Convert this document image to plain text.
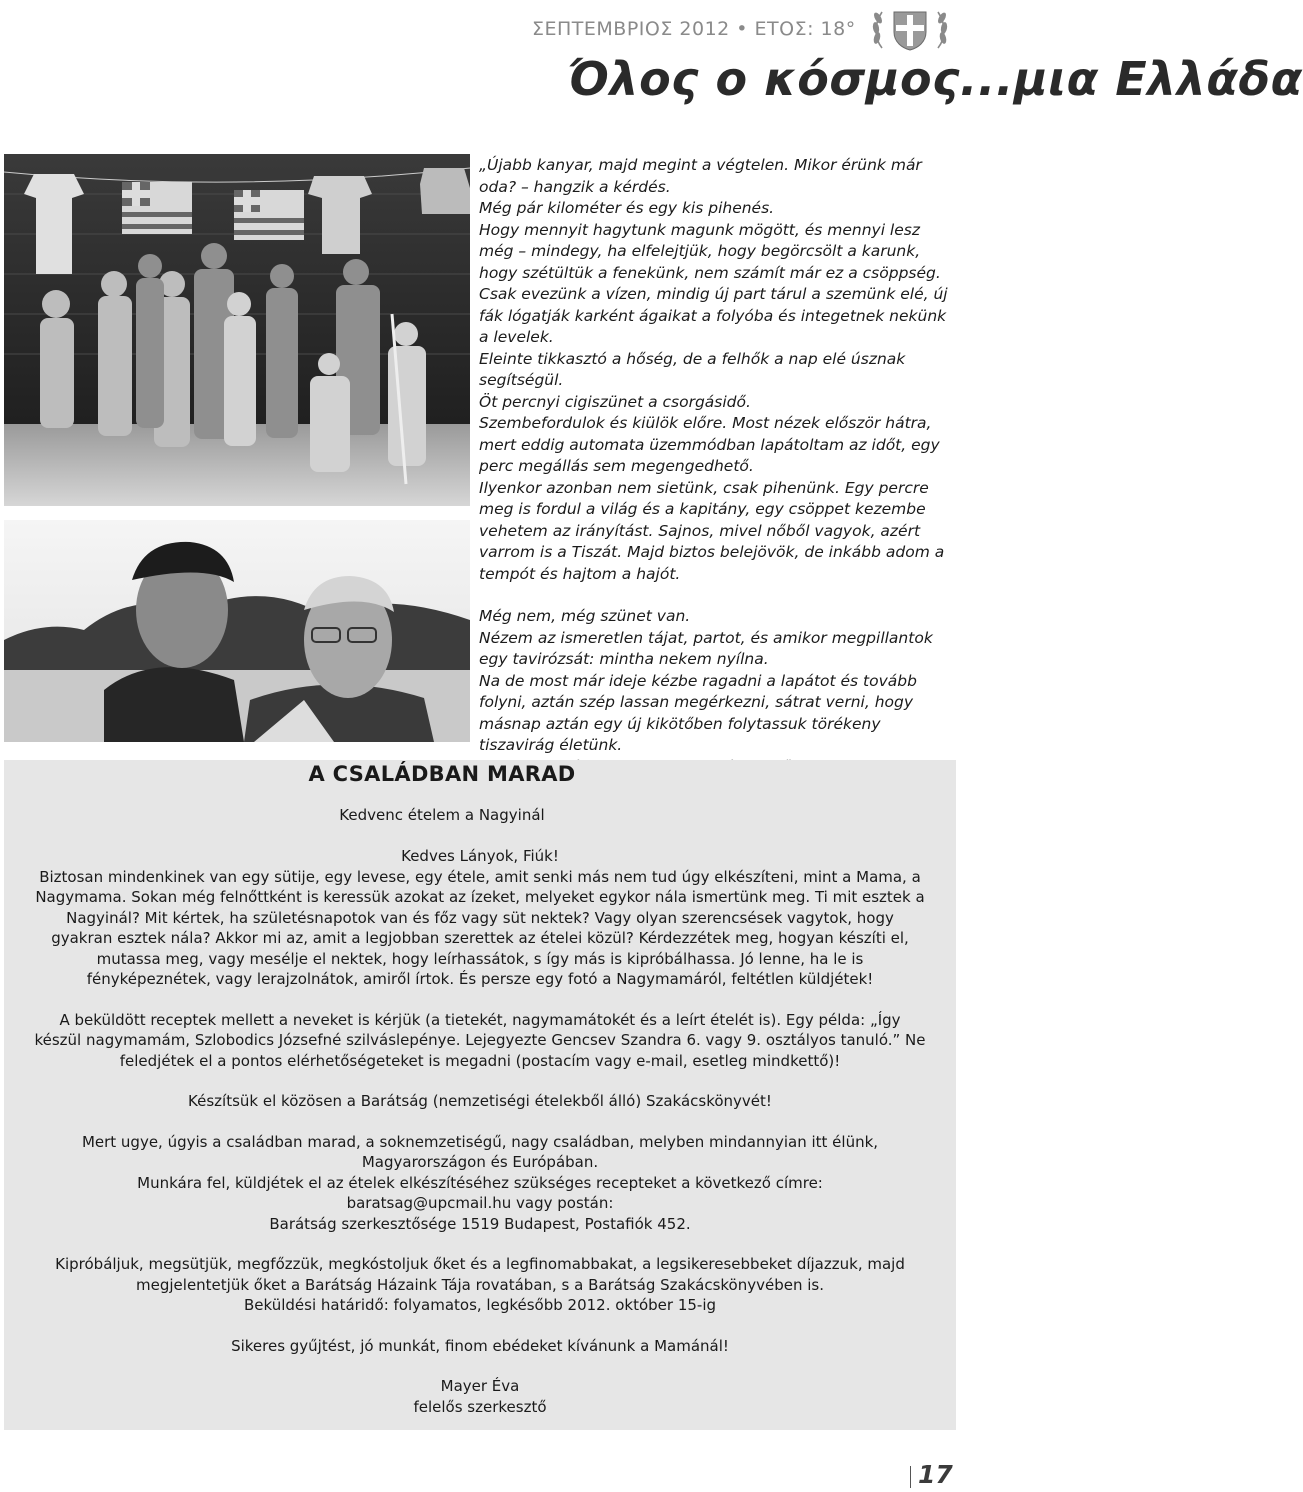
ΣΕΠΤΕΜΒΡΙΟΣ 2012 • ΕΤΟΣ: 18°
Όλος ο κόσμος...μια Ελλάδα

„Újabb kanyar, majd megint a végtelen. Mikor érünk már oda? – hangzik a kérdés.

Még pár kilométer és egy kis pihenés.

Hogy mennyit hagytunk magunk mögött, és mennyi lesz még – mindegy, ha elfelejtjük, hogy begörcsölt a karunk, hogy szétültük a fenekünk, nem számít már ez a csöppség.

Csak evezünk a vízen, mindig új part tárul a szemünk elé, új fák lógatják karként ágaikat a folyóba és integetnek nekünk a levelek.

Eleinte tikkasztó a hőség, de a felhők a nap elé úsznak segítségül.

Öt percnyi cigiszünet a csorgásidő.

Szembefordulok és kiülök előre. Most nézek először hátra, mert eddig automata üzemmódban lapátoltam az időt, egy perc megállás sem megengedhető.

Ilyenkor azonban nem sietünk, csak pihenünk. Egy percre meg is fordul a világ és a kapitány, egy csöppet kezembe vehetem az irányítást. Sajnos, mivel nőből vagyok, azért varrom is a Tiszát. Majd biztos belejövök, de inkább adom a tempót és hajtom a hajót.

Még nem, még szünet van.

Nézem az ismeretlen tájat, partot, és amikor megpillantok egy tavirózsát: mintha nekem nyílna.

Na de most már ideje kézbe ragadni a lapátot és tovább folyni, aztán szép lassan megérkezni, sátrat verni, hogy másnap aztán egy új kikötőben folytassuk törékeny tiszavirág életünk.

A CSALÁDBAN MARAD
Kedvenc ételem a Nagyinál

Kedves Lányok, Fiúk!

Biztosan mindenkinek van egy sütije, egy levese, egy étele, amit senki más nem tud úgy elkészíteni, mint a Mama, a Nagymama. Sokan még felnőttként is keressük azokat az ízeket, melyeket egykor nála ismertünk meg. Ti mit esztek a Nagyinál? Mit kértek, ha születésnapotok van és főz vagy süt nektek? Vagy olyan szerencsések vagytok, hogy gyakran esztek nála? Akkor mi az, amit a legjobban szerettek az ételei közül? Kérdezzétek meg, hogyan készíti el, mutassa meg, vagy mesélje el nektek, hogy leírhassátok, s így más is kipróbálhassa. Jó lenne, ha le is fényképeznétek, vagy lerajzolnátok, amiről írtok. És persze egy fotó a Nagymamáról, feltétlen küldjétek!

A beküldött receptek mellett a neveket is kérjük (a tietekét, nagymamátokét és a leírt ételét is). Egy példa: „Így készül nagymamám, Szlobodics Józsefné szilváslepénye. Lejegyezte Gencsev Szandra 6. vagy 9. osztályos tanuló.” Ne feledjétek el a pontos elérhetőségeteket is megadni (postacím vagy e-mail, esetleg mindkettő)!

Készítsük el közösen a Barátság (nemzetiségi ételekből álló) Szakácskönyvét!

Mert ugye, úgyis a családban marad, a soknemzetiségű, nagy családban, melyben mindannyian itt élünk, Magyarországon és Európában.

Munkára fel, küldjétek el az ételek elkészítéséhez szükséges recepteket a következő címre:

baratsag@upcmail.hu vagy postán:

Barátság szerkesztősége 1519 Budapest, Postafiók 452.

Kipróbáljuk, megsütjük, megfőzzük, megkóstoljuk őket és a legfinomabbakat, a legsikeresebbeket díjazzuk, majd megjelentetjük őket a Barátság Házaink Tája rovatában, s a Barátság Szakácskönyvében is.

Beküldési határidő: folyamatos, legkésőbb 2012. október 15-ig

Sikeres gyűjtést, jó munkát, finom ebédeket kívánunk a Mamánál!

Mayer Éva

felelős szerkesztő

17
